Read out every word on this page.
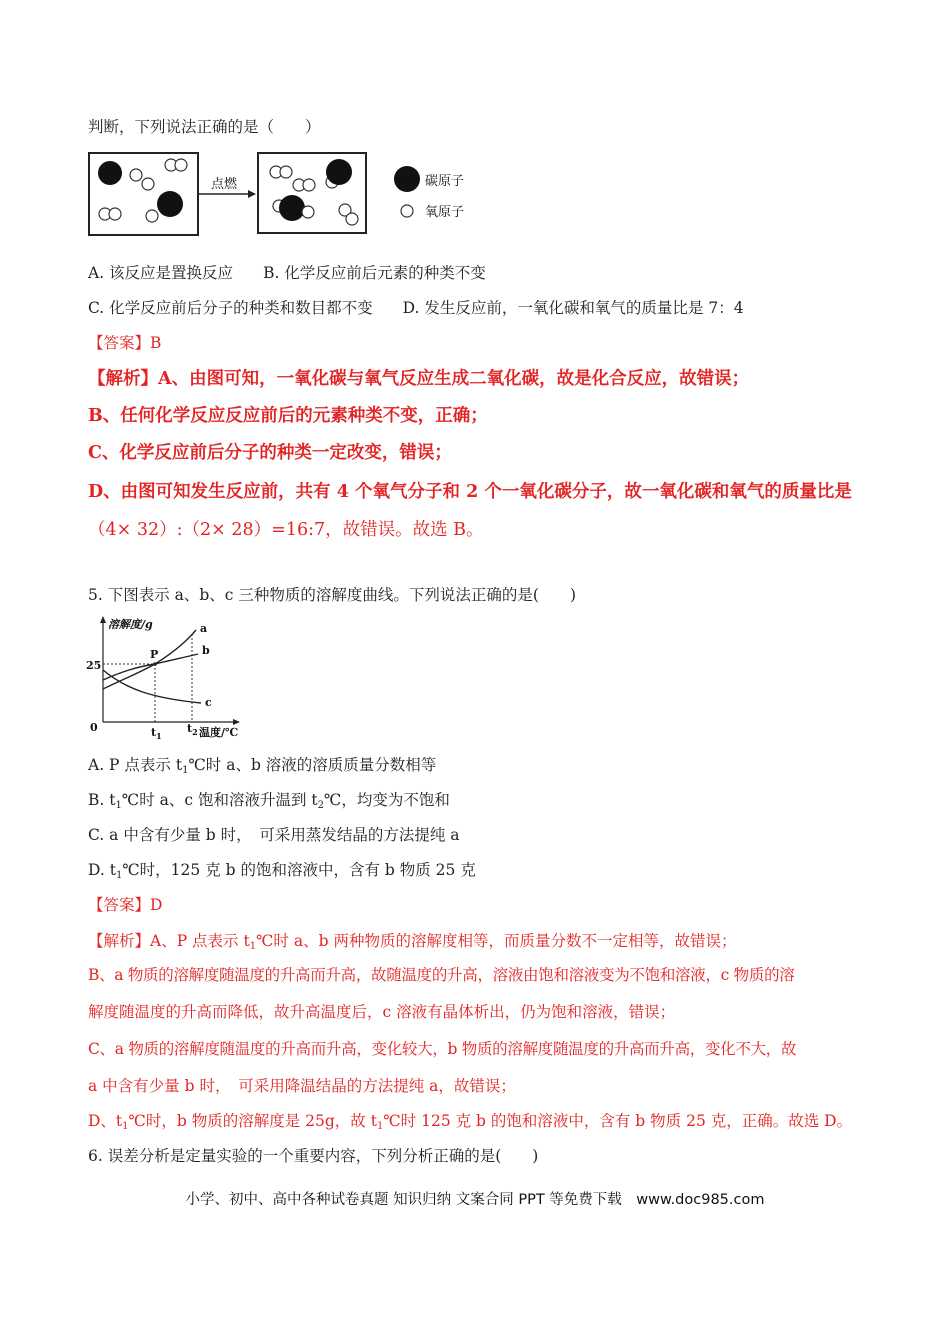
判断，下列说法正确的是（　　）
点燃	碳原子
氧原子
A. 该反应是置换反应 B. 化学反应前后元素的种类不变
C. 化学反应前后分子的种类和数目都不变 D. 发生反应前，一氧化碳和氧气的质量比是 7：4
【答案】B
【解析】A、由图可知，一氧化碳与氧气反应生成二氧化碳，故是化合反应，故错误；
B、任何化学反应反应前后的元素种类不变，正确；
C、化学反应前后分子的种类一定改变，错误；
D、由图可知发生反应前，共有 4 个氧气分子和 2 个一氧化碳分子，故一氧化碳和氧气的质量比是
（4× 32）:（2× 28）=16:7，故错误。故选 B。
5. 下图表示 a、b、c 三种物质的溶解度曲线。下列说法正确的是(　　)
溶解度/g
温度/℃
0
25
P
a
b
c
$t_1$
$t_2$
A. P 点表示 t1℃时 a、b 溶液的溶质质量分数相等
B. t1℃时 a、c 饱和溶液升温到 t2℃，均变为不饱和
C. a 中含有少量 b 时，　可采用蒸发结晶的方法提纯 a
D. t1℃时，125 克 b 的饱和溶液中，含有 b 物质 25 克
【答案】D
【解析】A、P 点表示 t1℃时 a、b 两种物质的溶解度相等，而质量分数不一定相等，故错误；
B、a 物质的溶解度随温度的升高而升高，故随温度的升高，溶液由饱和溶液变为不饱和溶液，c 物质的溶
解度随温度的升高而降低，故升高温度后，c 溶液有晶体析出，仍为饱和溶液，错误；
C、a 物质的溶解度随温度的升高而升高，变化较大，b 物质的溶解度随温度的升高而升高，变化不大，故
a 中含有少量 b 时，　可采用降温结晶的方法提纯 a，故错误；
D、t1℃时，b 物质的溶解度是 25g，故 t1℃时 125 克 b 的饱和溶液中，含有 b 物质 25 克，正确。故选 D。
6. 误差分析是定量实验的一个重要内容，下列分析正确的是(　　)
小学、初中、高中各种试卷真题 知识归纳 文案合同 PPT 等免费下载　www.doc985.com
